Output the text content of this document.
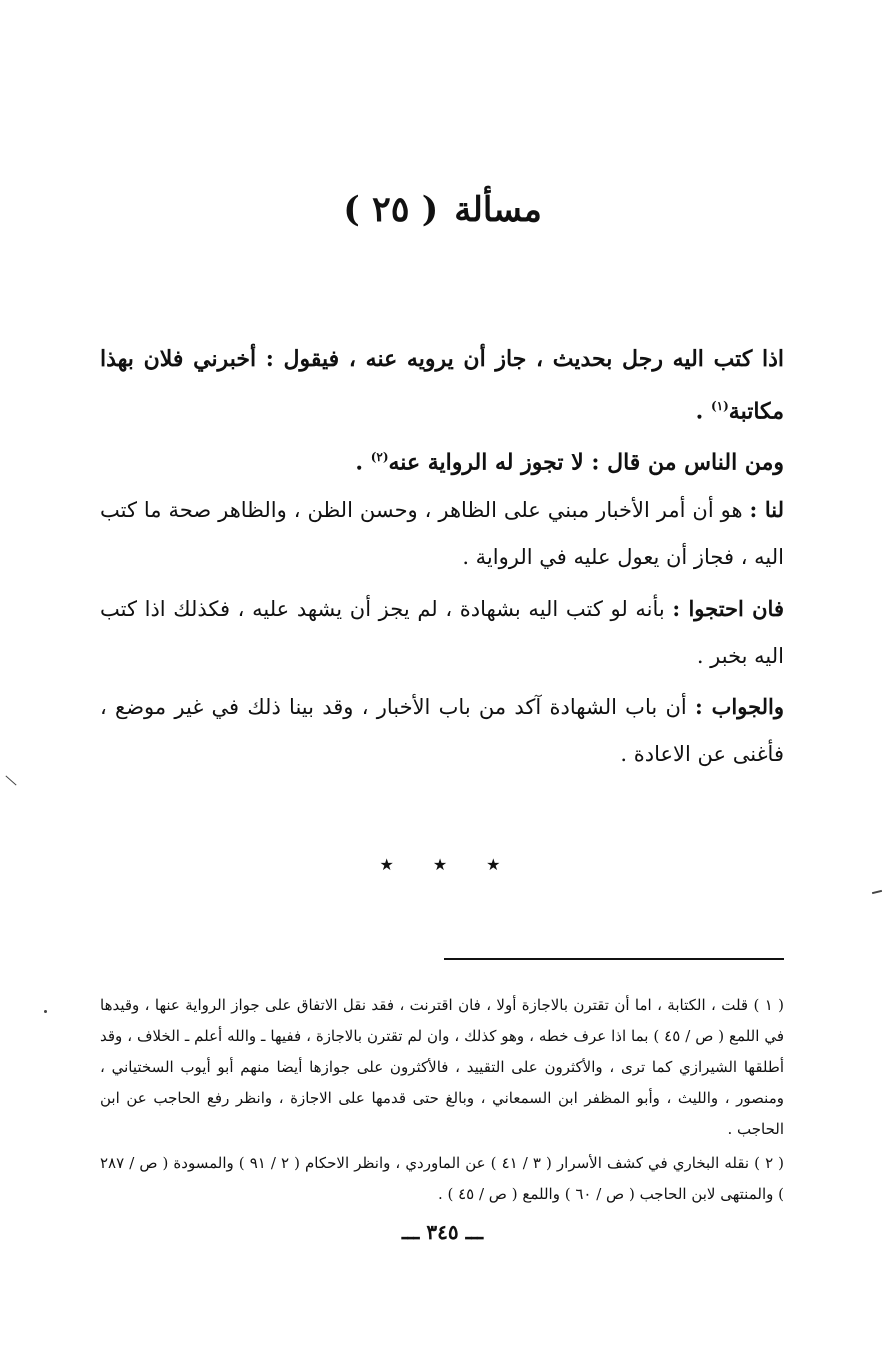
مسألة( ٢٥ )

اذا كتب اليه رجل بحديث ، جاز أن يرويه عنه ، فيقول : أخبرني فلان بهذا مكاتبة$^{(١)}$ .

ومن الناس من قال : لا تجوز له الرواية عنه$^{(٢)}$ .

لنا : هو أن أمر الأخبار مبني على الظاهر ، وحسن الظن ، والظاهر صحة ما كتب اليه ، فجاز أن يعول عليه في الرواية .

فان احتجوا : بأنه لو كتب اليه بشهادة ، لم يجز أن يشهد عليه ، فكذلك اذا كتب اليه بخبر .

والجواب : أن باب الشهادة آكد من باب الأخبار ، وقد بينا ذلك في غير موضع ، فأغنى عن الاعادة .

★ ★ ★

( ١ ) قلت ، الكتابة ، اما أن تقترن بالاجازة أولا ، فان اقترنت ، فقد نقل الاتفاق على جواز الرواية عنها ، وقيدها في اللمع ( ص / ٤٥ ) بما اذا عرف خطه ، وهو كذلك ، وان لم تقترن بالاجازة ، ففيها ـ والله أعلم ـ الخلاف ، وقد أطلقها الشيرازي كما ترى ، والأكثرون على التقييد ، فالأكثرون على جوازها أيضا منهم أبو أيوب السختياني ، ومنصور ، والليث ، وأبو المظفر ابن السمعاني ، وبالغ حتى قدمها على الاجازة ، وانظر رفع الحاجب عن ابن الحاجب .

( ٢ ) نقله البخاري في كشف الأسرار ( ٣ / ٤١ ) عن الماوردي ، وانظر الاحكام ( ٢ / ٩١ ) والمسودة ( ص / ٢٨٧ ) والمنتهى لابن الحاجب ( ص / ٦٠ ) واللمع ( ص / ٤٥ ) .

ـــ ٣٤٥ ـــ
